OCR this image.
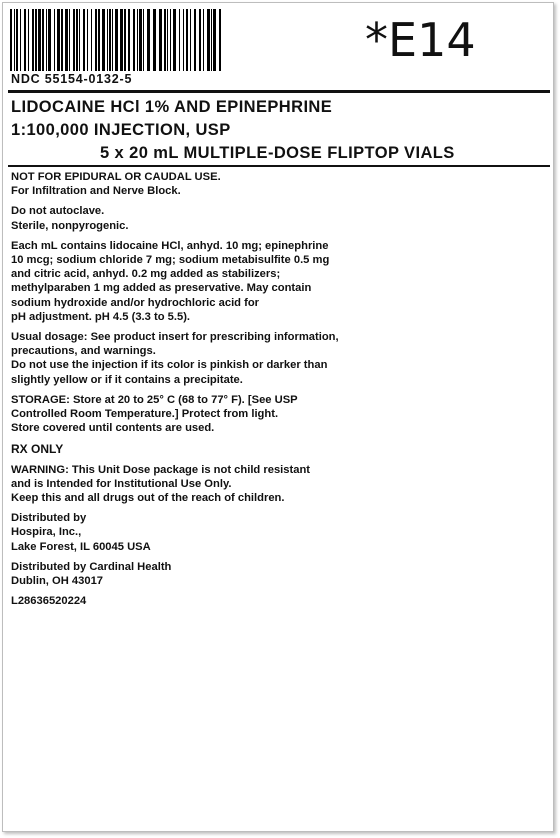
*E14
NDC 55154-0132-5
LIDOCAINE HCl 1% AND EPINEPHRINE
1:100,000 INJECTION, USP
5 x 20 mL MULTIPLE-DOSE FLIPTOP VIALS

NOT FOR EPIDURAL OR CAUDAL USE.

For Infiltration and Nerve Block.

Do not autoclave.

Sterile, nonpyrogenic.

Each mL contains lidocaine HCl, anhyd. 10 mg; epinephrine

10 mcg; sodium chloride 7 mg; sodium metabisulfite 0.5 mg

and citric acid, anhyd. 0.2 mg added as stabilizers;

methylparaben 1 mg added as preservative. May contain

sodium hydroxide and/or hydrochloric acid for

pH adjustment. pH 4.5 (3.3 to 5.5).

Usual dosage: See product insert for prescribing information,

precautions, and warnings.

Do not use the injection if its color is pinkish or darker than

slightly yellow or if it contains a precipitate.

STORAGE: Store at 20 to 25° C (68 to 77° F). [See USP

Controlled Room Temperature.] Protect from light.

Store covered until contents are used.

RX ONLY

WARNING: This Unit Dose package is not child resistant

and is Intended for Institutional Use Only.

Keep this and all drugs out of the reach of children.

Distributed by

Hospira, Inc.,

Lake Forest, IL 60045 USA

Distributed by Cardinal Health

Dublin, OH 43017

L28636520224
